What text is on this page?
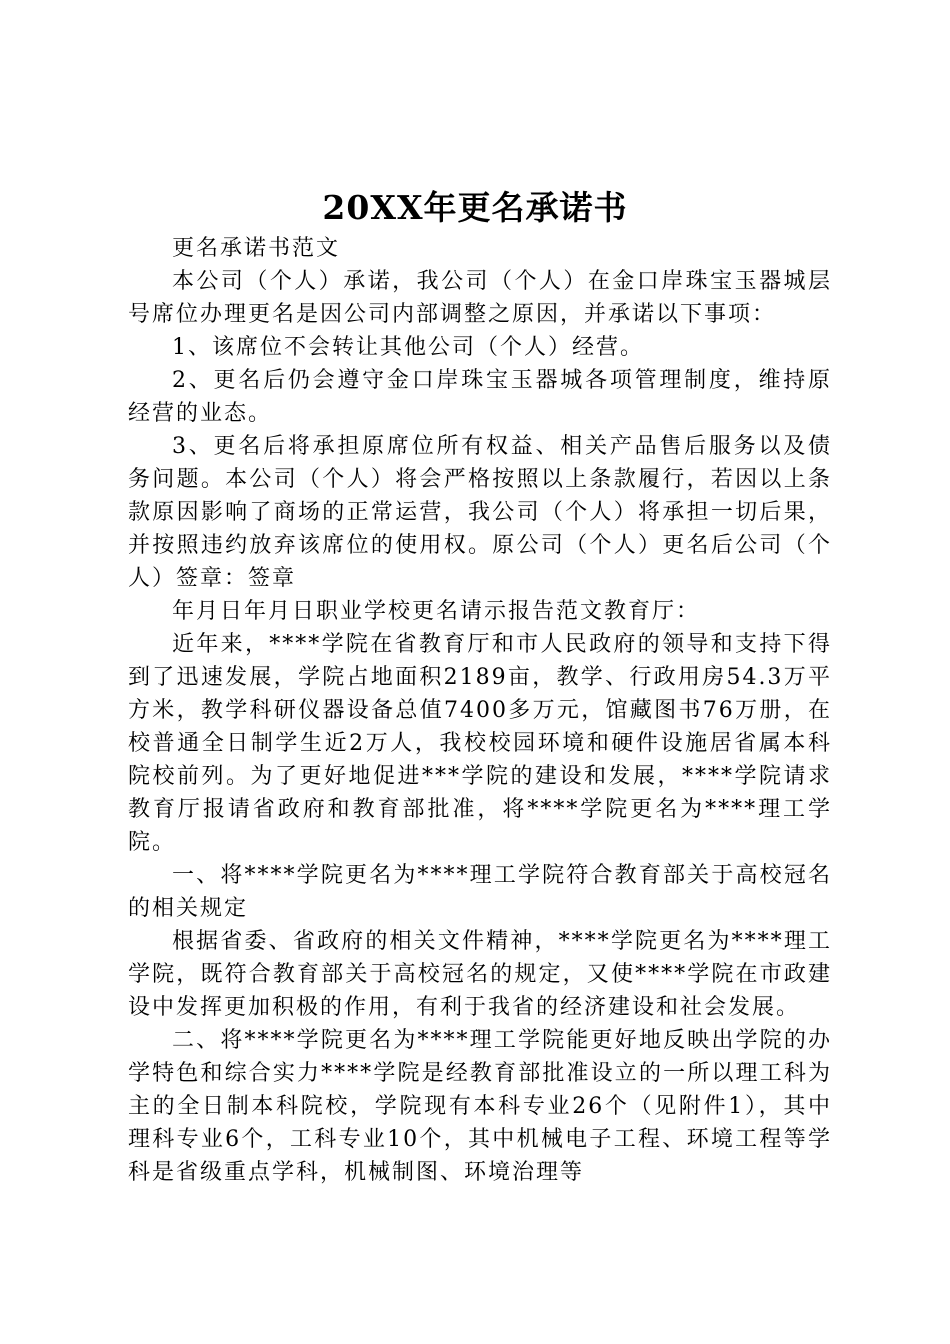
20XX年更名承诺书

更名承诺书范文

本公司（个人）承诺，我公司（个人）在金口岸珠宝玉器城层号席位办理更名是因公司内部调整之原因，并承诺以下事项：

1、该席位不会转让其他公司（个人）经营。

2、更名后仍会遵守金口岸珠宝玉器城各项管理制度，维持原经营的业态。

3、更名后将承担原席位所有权益、相关产品售后服务以及债务问题。本公司（个人）将会严格按照以上条款履行，若因以上条款原因影响了商场的正常运营，我公司（个人）将承担一切后果，并按照违约放弃该席位的使用权。原公司（个人）更名后公司（个人）签章：签章

年月日年月日职业学校更名请示报告范文教育厅：

近年来，****学院在省教育厅和市人民政府的领导和支持下得到了迅速发展，学院占地面积2189亩，教学、行政用房54.3万平方米，教学科研仪器设备总值7400多万元，馆藏图书76万册，在校普通全日制学生近2万人，我校校园环境和硬件设施居省属本科院校前列。为了更好地促进***学院的建设和发展，****学院请求教育厅报请省政府和教育部批准，将****学院更名为****理工学院。

一、将****学院更名为****理工学院符合教育部关于高校冠名的相关规定

根据省委、省政府的相关文件精神，****学院更名为****理工学院，既符合教育部关于高校冠名的规定，又使****学院在市政建设中发挥更加积极的作用，有利于我省的经济建设和社会发展。

二、将****学院更名为****理工学院能更好地反映出学院的办学特色和综合实力****学院是经教育部批准设立的一所以理工科为主的全日制本科院校，学院现有本科专业26个（见附件1），其中理科专业6个，工科专业10个，其中机械电子工程、环境工程等学科是省级重点学科，机械制图、环境治理等
